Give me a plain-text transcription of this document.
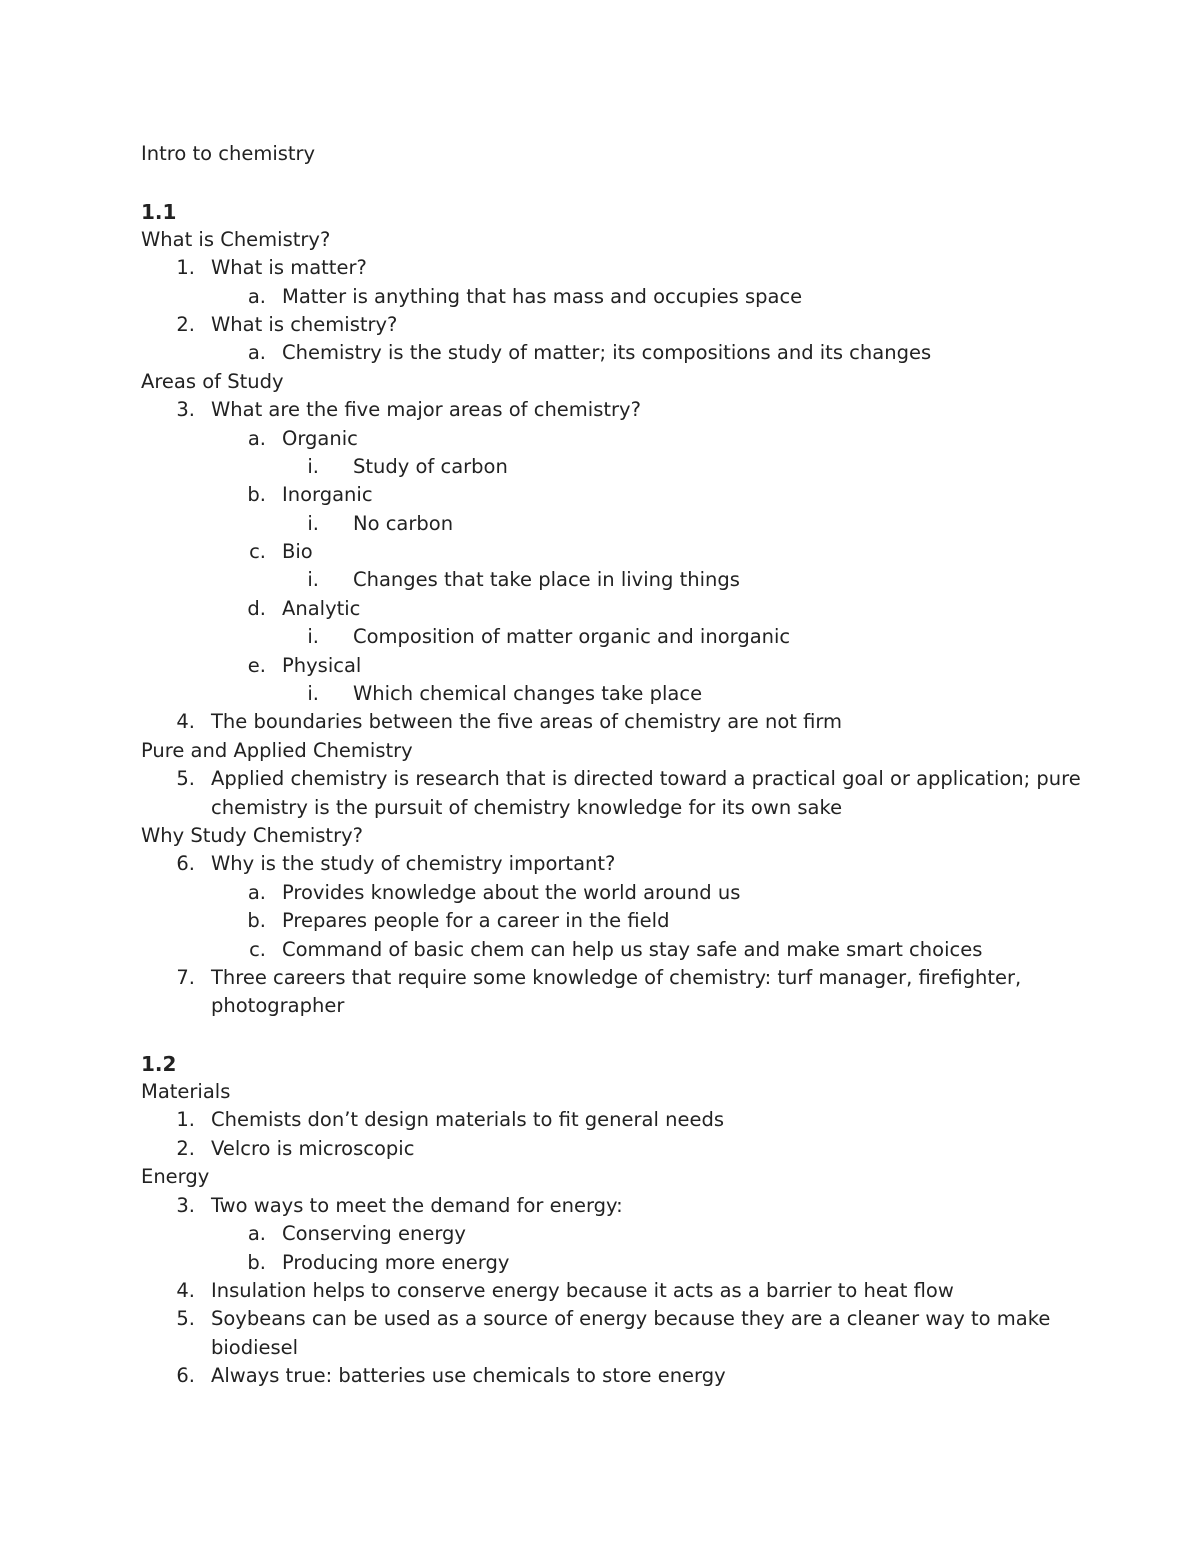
Intro to chemistry
1.1
What is Chemistry?
1. What is matter?
a. Matter is anything that has mass and occupies space
2. What is chemistry?
a. Chemistry is the study of matter; its compositions and its changes
Areas of Study
3. What are the five major areas of chemistry?
a. Organic
i. Study of carbon
b. Inorganic
i. No carbon
c. Bio
i. Changes that take place in living things
d. Analytic
i. Composition of matter organic and inorganic
e. Physical
i. Which chemical changes take place
4. The boundaries between the five areas of chemistry are not firm
Pure and Applied Chemistry
5. Applied chemistry is research that is directed toward a practical goal or application; pure
chemistry is the pursuit of chemistry knowledge for its own sake
Why Study Chemistry?
6. Why is the study of chemistry important?
a. Provides knowledge about the world around us
b. Prepares people for a career in the field
c. Command of basic chem can help us stay safe and make smart choices
7. Three careers that require some knowledge of chemistry: turf manager, firefighter,
photographer
1.2
Materials
1. Chemists don’t design materials to fit general needs
2. Velcro is microscopic
Energy
3. Two ways to meet the demand for energy:
a. Conserving energy
b. Producing more energy
4. Insulation helps to conserve energy because it acts as a barrier to heat flow
5. Soybeans can be used as a source of energy because they are a cleaner way to make
biodiesel
6. Always true: batteries use chemicals to store energy
